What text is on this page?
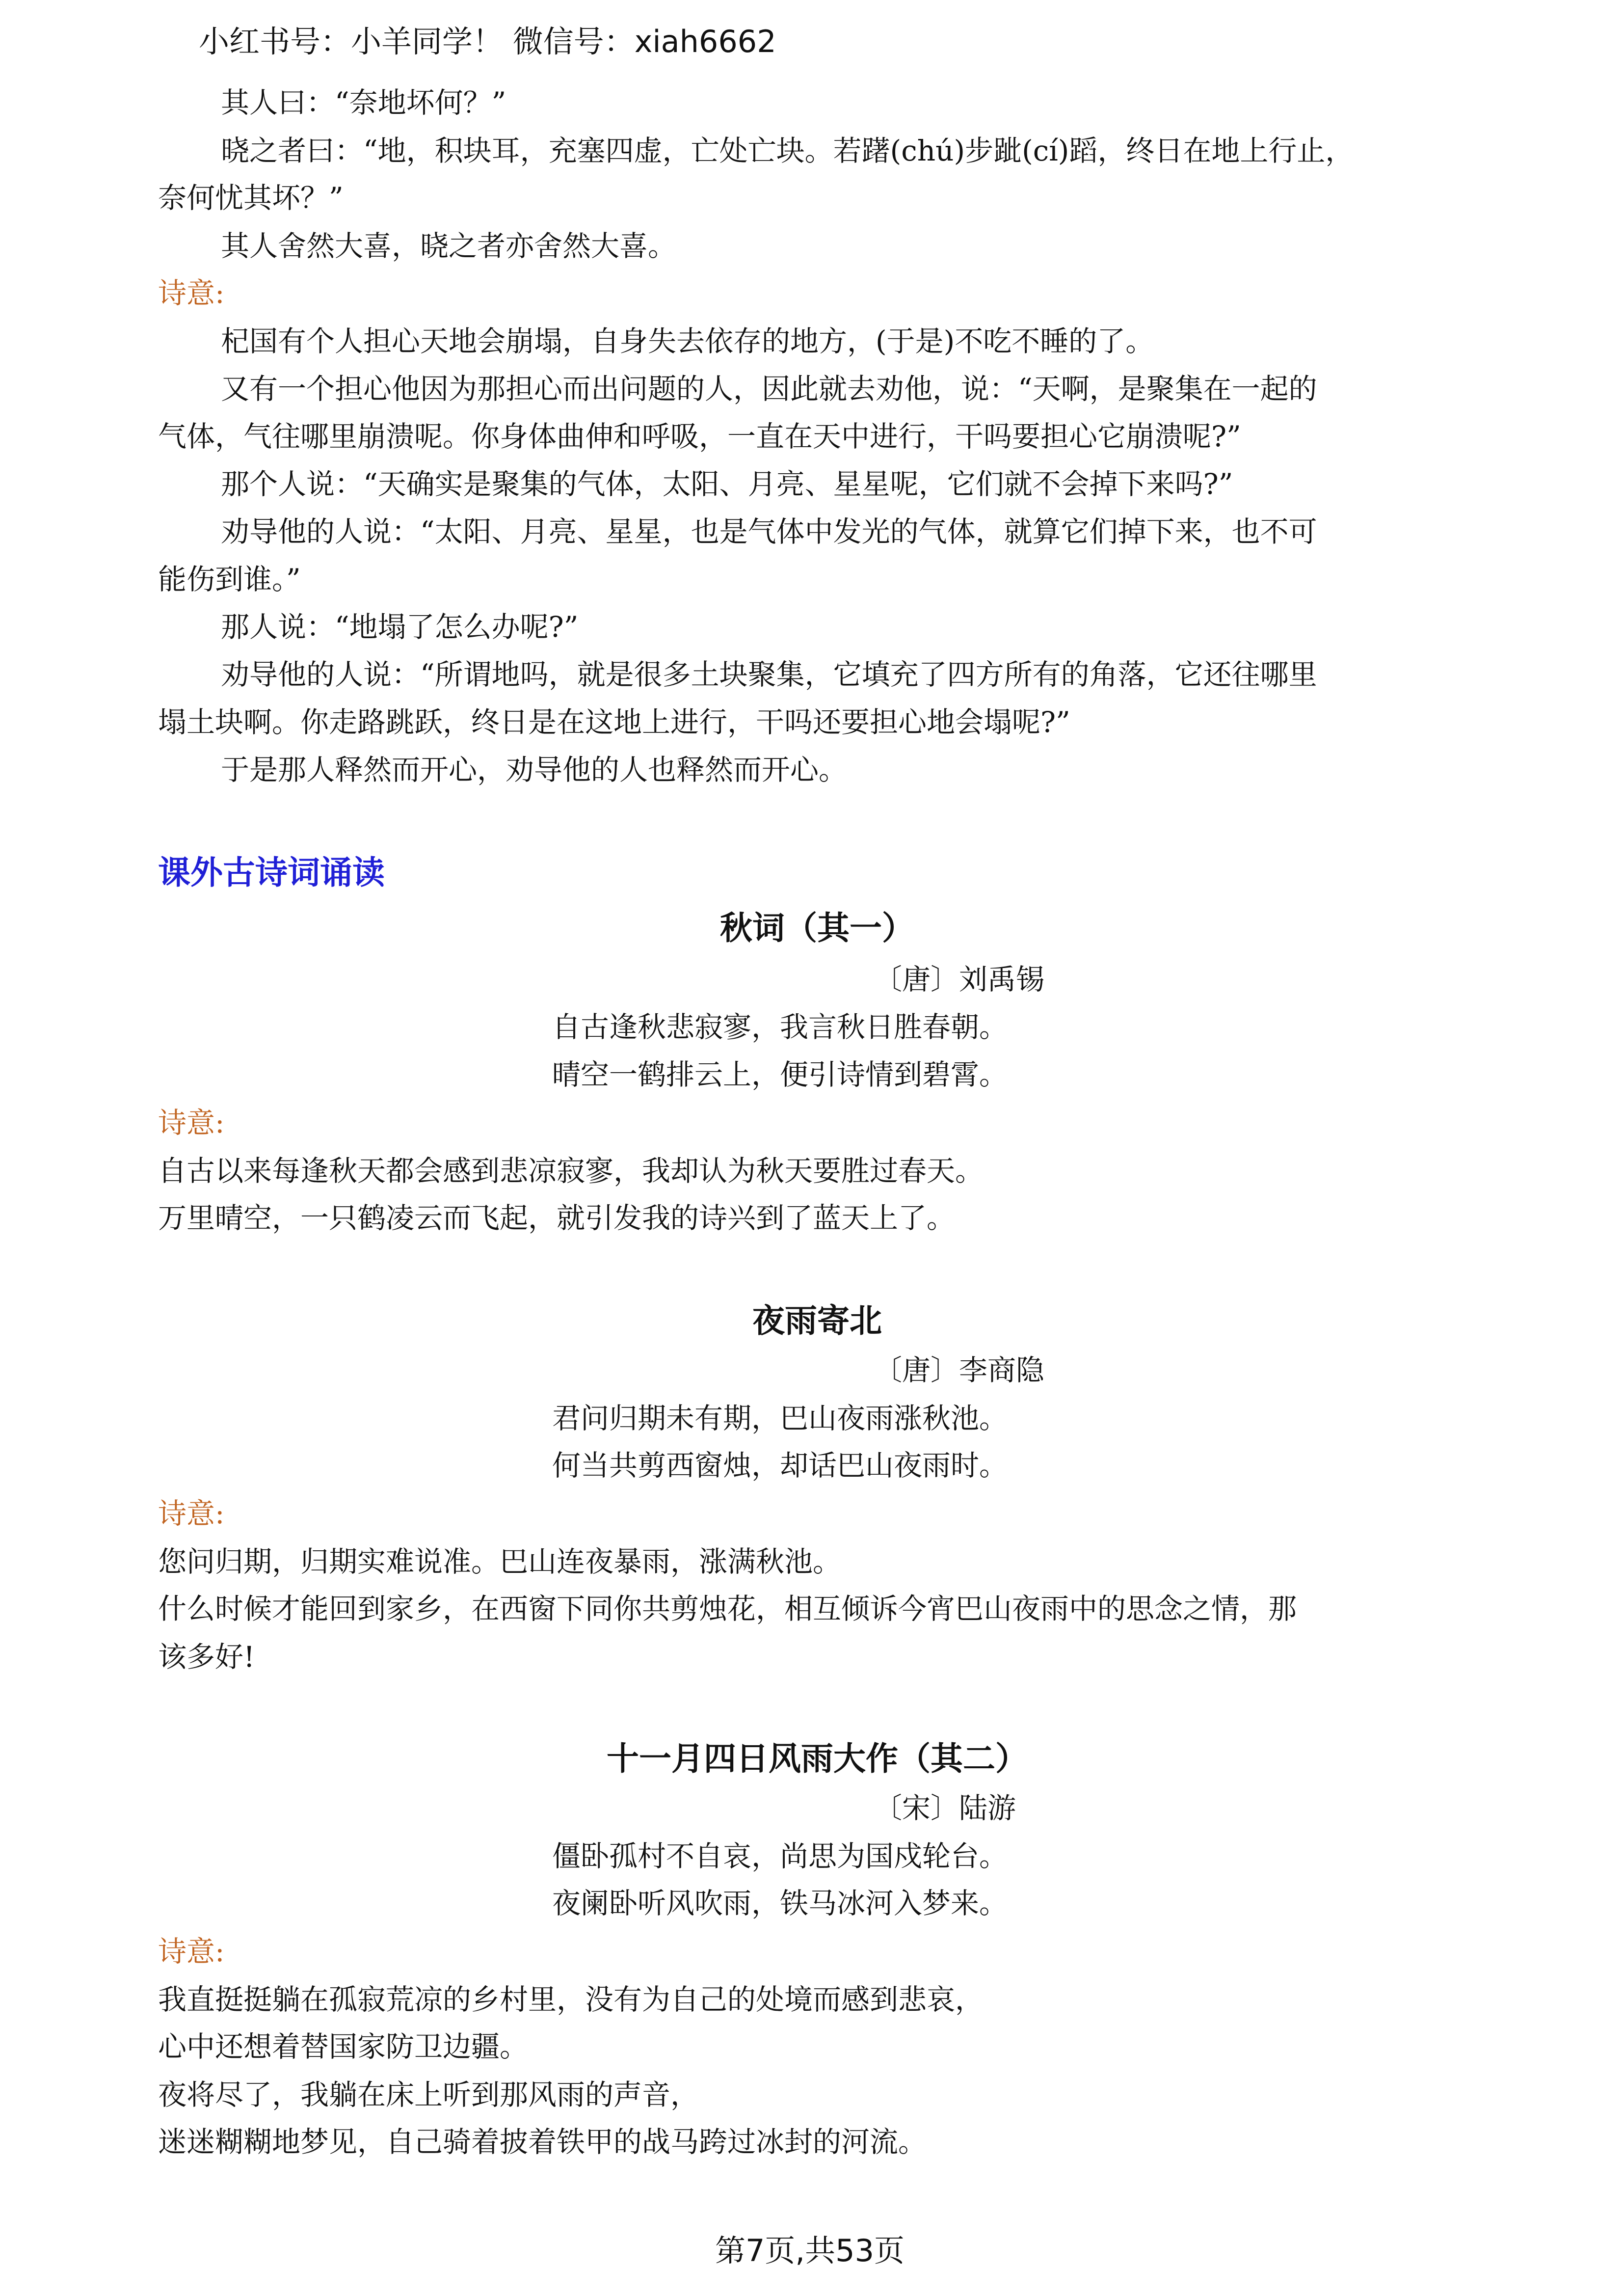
小红书号：小羊同学！ 微信号：xiah6662
其人曰：“奈地坏何？”
晓之者曰：“地，积块耳，充塞四虚，亡处亡块。若躇(chú)步跐(cí)蹈，终日在地上行止，
奈何忧其坏？”
其人舍然大喜，晓之者亦舍然大喜。
诗意:
杞国有个人担心天地会崩塌，自身失去依存的地方，(于是)不吃不睡的了。
又有一个担心他因为那担心而出问题的人，因此就去劝他，说：“天啊，是聚集在一起的
气体，气往哪里崩溃呢。你身体曲伸和呼吸，一直在天中进行，干吗要担心它崩溃呢?”
那个人说：“天确实是聚集的气体，太阳、月亮、星星呢，它们就不会掉下来吗?”
劝导他的人说：“太阳、月亮、星星，也是气体中发光的气体，就算它们掉下来，也不可
能伤到谁。”
那人说：“地塌了怎么办呢?”
劝导他的人说：“所谓地吗，就是很多土块聚集，它填充了四方所有的角落，它还往哪里
塌土块啊。你走路跳跃，终日是在这地上进行，干吗还要担心地会塌呢?”
于是那人释然而开心，劝导他的人也释然而开心。
课外古诗词诵读
秋词（其一）
〔唐〕刘禹锡
自古逢秋悲寂寥，我言秋日胜春朝。
晴空一鹤排云上，便引诗情到碧霄。
诗意:
自古以来每逢秋天都会感到悲凉寂寥，我却认为秋天要胜过春天。
万里晴空，一只鹤凌云而飞起，就引发我的诗兴到了蓝天上了。
夜雨寄北
〔唐〕李商隐
君问归期未有期，巴山夜雨涨秋池。
何当共剪西窗烛，却话巴山夜雨时。
诗意:
您问归期，归期实难说准。巴山连夜暴雨，涨满秋池。
什么时候才能回到家乡，在西窗下同你共剪烛花，相互倾诉今宵巴山夜雨中的思念之情，那
该多好!
十一月四日风雨大作（其二）
〔宋〕陆游
僵卧孤村不自哀，尚思为国戍轮台。
夜阑卧听风吹雨，铁马冰河入梦来。
诗意:
我直挺挺躺在孤寂荒凉的乡村里，没有为自己的处境而感到悲哀，
心中还想着替国家防卫边疆。
夜将尽了，我躺在床上听到那风雨的声音，
迷迷糊糊地梦见，自己骑着披着铁甲的战马跨过冰封的河流。
第7页,共53页
